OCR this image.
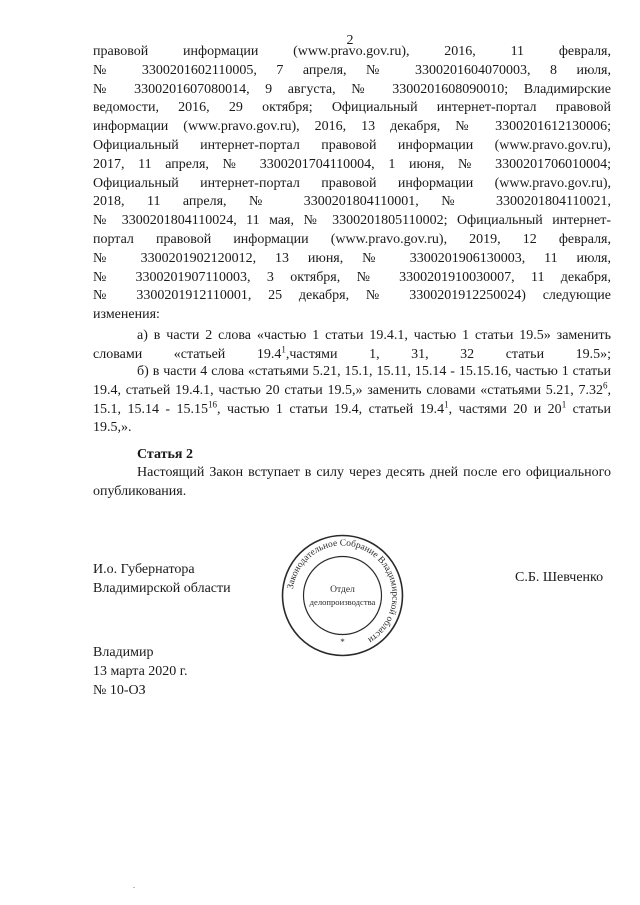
2
правовой информации (www.pravo.gov.ru), 2016, 11 февраля,
№ 3300201602110005, 7 апреля, № 3300201604070003, 8 июля,
№ 3300201607080014, 9 августа, № 3300201608090010; Владимирские
ведомости, 2016, 29 октября; Официальный интернет-портал правовой
информации (www.pravo.gov.ru), 2016, 13 декабря, № 3300201612130006;
Официальный интернет-портал правовой информации (www.pravo.gov.ru),
2017, 11 апреля, № 3300201704110004, 1 июня, № 3300201706010004;
Официальный интернет-портал правовой информации (www.pravo.gov.ru),
2018, 11 апреля, № 3300201804110001, № 3300201804110021,
№ 3300201804110024, 11 мая, № 3300201805110002; Официальный интернет-
портал правовой информации (www.pravo.gov.ru), 2019, 12 февраля,
№ 3300201902120012, 13 июня, № 3300201906130003, 11 июля,
№ 3300201907110003, 3 октября, № 3300201910030007, 11 декабря,
№ 3300201912110001, 25 декабря, № 3300201912250024) следующие
изменения:
а) в части 2 слова «частью 1 статьи 19.4.1, частью 1 статьи 19.5» заменить словами «статьей 19.4$^1$,частями 1, 31, 32 статьи 19.5»;
б) в части 4 слова «статьями 5.21, 15.1, 15.11, 15.14 - 15.15.16, частью 1 статьи 19.4, статьей 19.4.1, частью 20 статьи 19.5,» заменить словами «статьями 5.21, 7.32$^6$, 15.1, 15.14 - 15.15$^{16}$, частью 1 статьи 19.4, статьей 19.4$^1$, частями 20 и $20^1$ статьи 19.5,».
Статья 2
Настоящий Закон вступает в силу через десять дней после его официального опубликования.
И.о. Губернатора
Владимирской области	Законодательное Собрание Владимирской области
Отдел
делопроизводства
*
С.Б. Шевченко
Владимир
13 марта 2020 г.
№ 10-ОЗ
.
